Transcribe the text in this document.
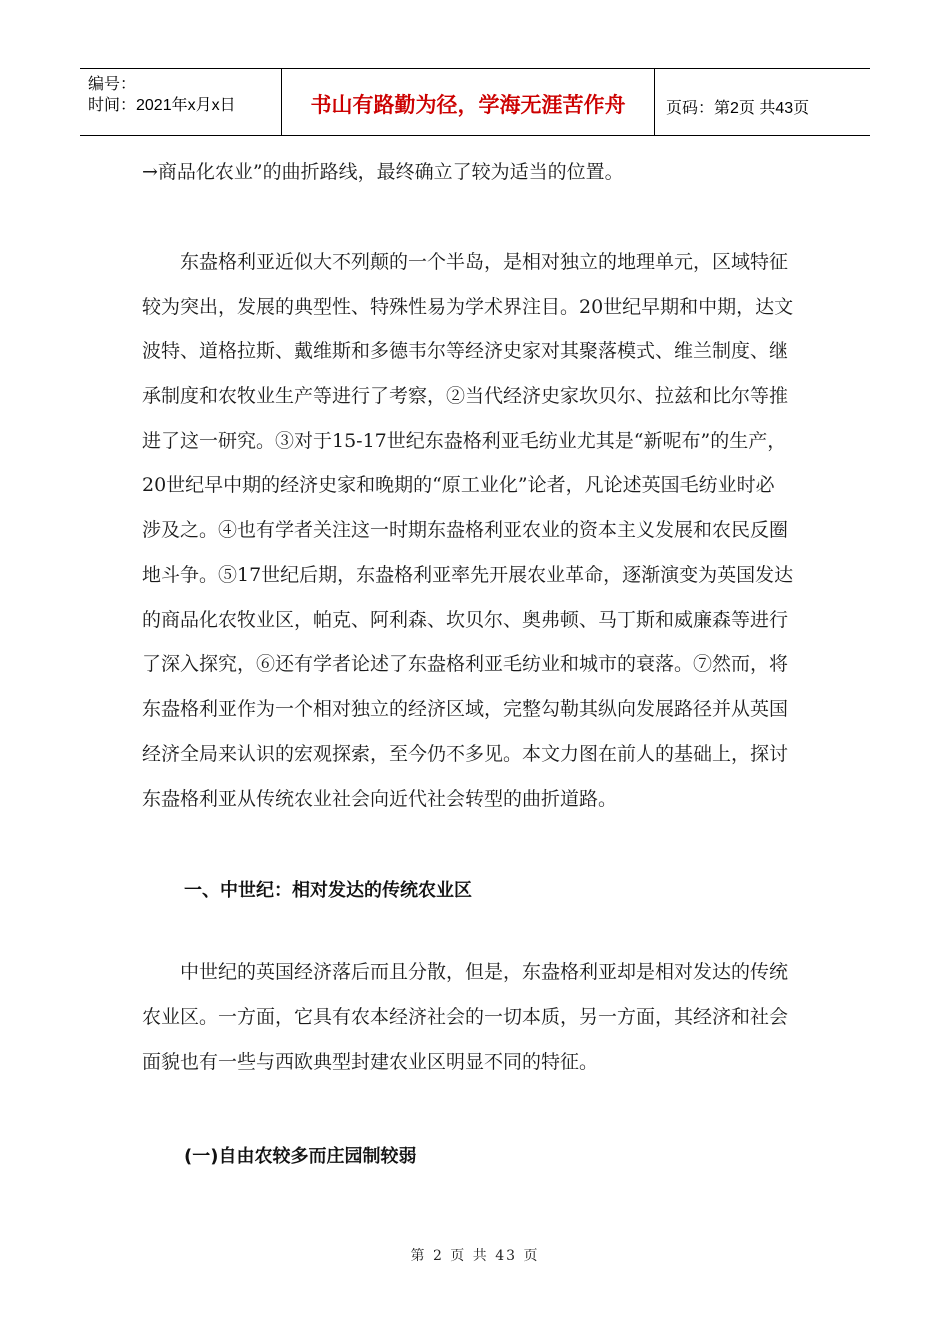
编号：
时间：2021年x月x日	书山有路勤为径，学海无涯苦作舟	页码：第2页 共43页
→商品化农业”的曲折路线，最终确立了较为适当的位置。
　　东盎格利亚近似大不列颠的一个半岛，是相对独立的地理单元，区域特征
较为突出，发展的典型性、特殊性易为学术界注目。20世纪早期和中期，达文
波特、道格拉斯、戴维斯和多德韦尔等经济史家对其聚落模式、维兰制度、继
承制度和农牧业生产等进行了考察，②当代经济史家坎贝尔、拉兹和比尔等推
进了这一研究。③对于15-17世纪东盎格利亚毛纺业尤其是“新呢布”的生产，
20世纪早中期的经济史家和晚期的“原工业化”论者，凡论述英国毛纺业时必
涉及之。④也有学者关注这一时期东盎格利亚农业的资本主义发展和农民反圈
地斗争。⑤17世纪后期，东盎格利亚率先开展农业革命，逐渐演变为英国发达
的商品化农牧业区，帕克、阿利森、坎贝尔、奥弗顿、马丁斯和威廉森等进行
了深入探究，⑥还有学者论述了东盎格利亚毛纺业和城市的衰落。⑦然而，将
东盎格利亚作为一个相对独立的经济区域，完整勾勒其纵向发展路径并从英国
经济全局来认识的宏观探索，至今仍不多见。本文力图在前人的基础上，探讨
东盎格利亚从传统农业社会向近代社会转型的曲折道路。
　　中世纪的英国经济落后而且分散，但是，东盎格利亚却是相对发达的传统
农业区。一方面，它具有农本经济社会的一切本质，另一方面，其经济和社会
面貌也有一些与西欧典型封建农业区明显不同的特征。
一、中世纪：相对发达的传统农业区
(一)自由农较多而庄园制较弱
第 2 页 共 43 页
